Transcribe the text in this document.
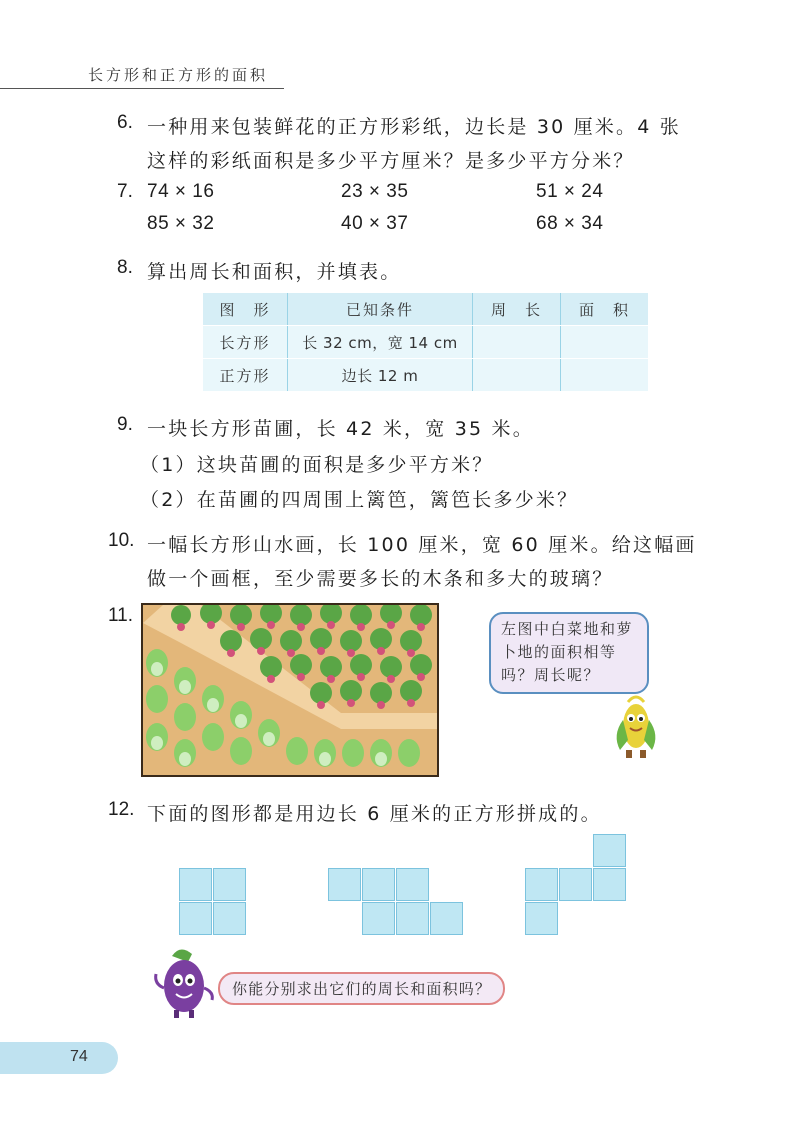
长方形和正方形的面积
6. 一种用来包装鲜花的正方形彩纸，边长是 30 厘米。4 张
这样的彩纸面积是多少平方厘米？是多少平方分米？
7. 74 × 16	23 × 35	51 × 24
85 × 32	40 × 37	68 × 34
8. 算出周长和面积，并填表。
图　形	已知条件	周　长	面　积
长方形	长 32 cm，宽 14 cm		
正方形	边长 12 m		
9. 一块长方形苗圃，长 42 米，宽 35 米。
（1）这块苗圃的面积是多少平方米？
（2）在苗圃的四周围上篱笆，篱笆长多少米？
10. 一幅长方形山水画，长 100 厘米，宽 60 厘米。给这幅画
做一个画框，至少需要多长的木条和多大的玻璃？
11.
左图中白菜地和萝
卜地的面积相等
吗？周长呢？
12. 下面的图形都是用边长 6 厘米的正方形拼成的。
你能分别求出它们的周长和面积吗？
74
